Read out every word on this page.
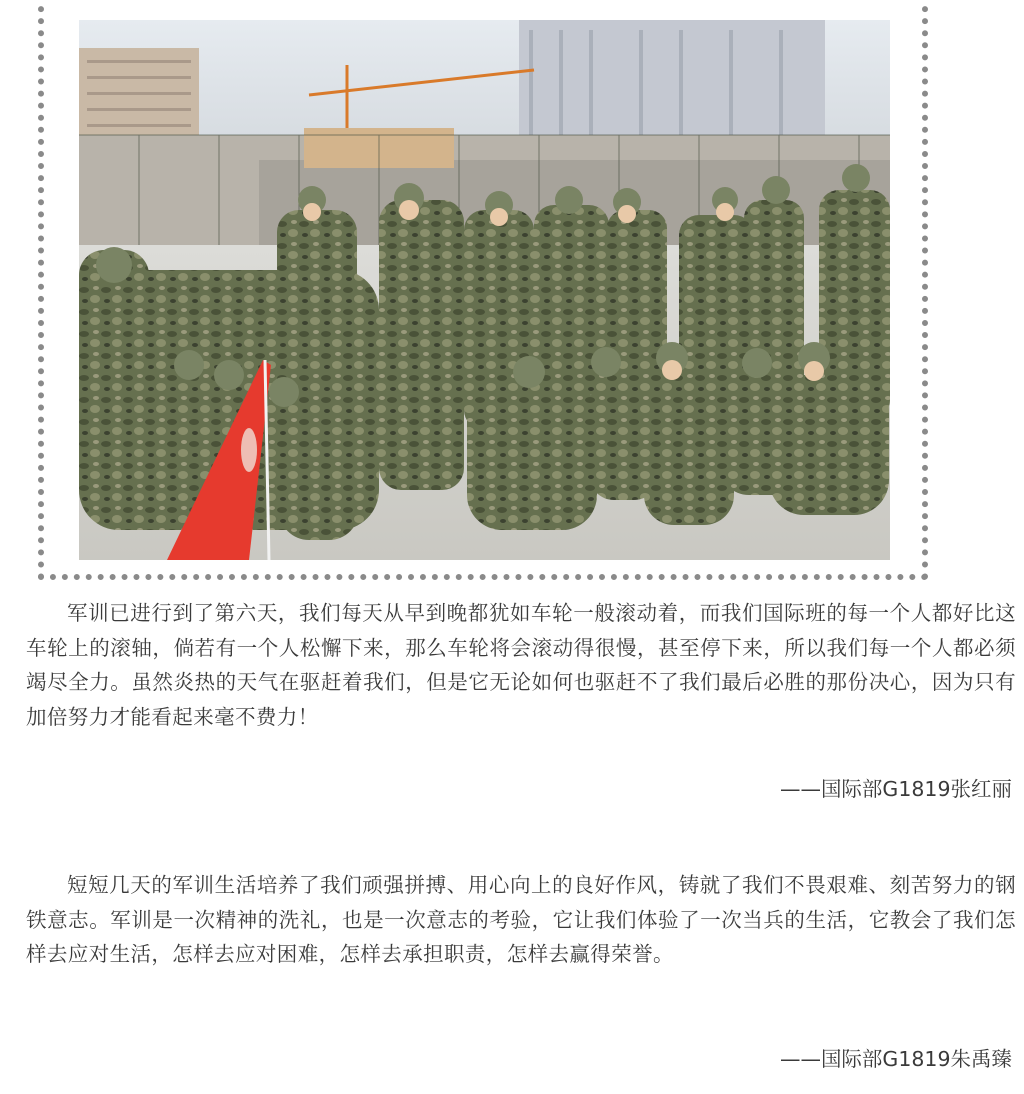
军训已进行到了第六天，我们每天从早到晚都犹如车轮一般滚动着，而我们国际班的每一个人都好比这车轮上的滚轴，倘若有一个人松懈下来，那么车轮将会滚动得很慢，甚至停下来，所以我们每一个人都必须竭尽全力。虽然炎热的天气在驱赶着我们，但是它无论如何也驱赶不了我们最后必胜的那份决心，因为只有加倍努力才能看起来毫不费力！

——国际部G1819张红丽

短短几天的军训生活培养了我们顽强拼搏、用心向上的良好作风，铸就了我们不畏艰难、刻苦努力的钢铁意志。军训是一次精神的洗礼，也是一次意志的考验，它让我们体验了一次当兵的生活，它教会了我们怎样去应对生活，怎样去应对困难，怎样去承担职责，怎样去赢得荣誉。

——国际部G1819朱禹臻
